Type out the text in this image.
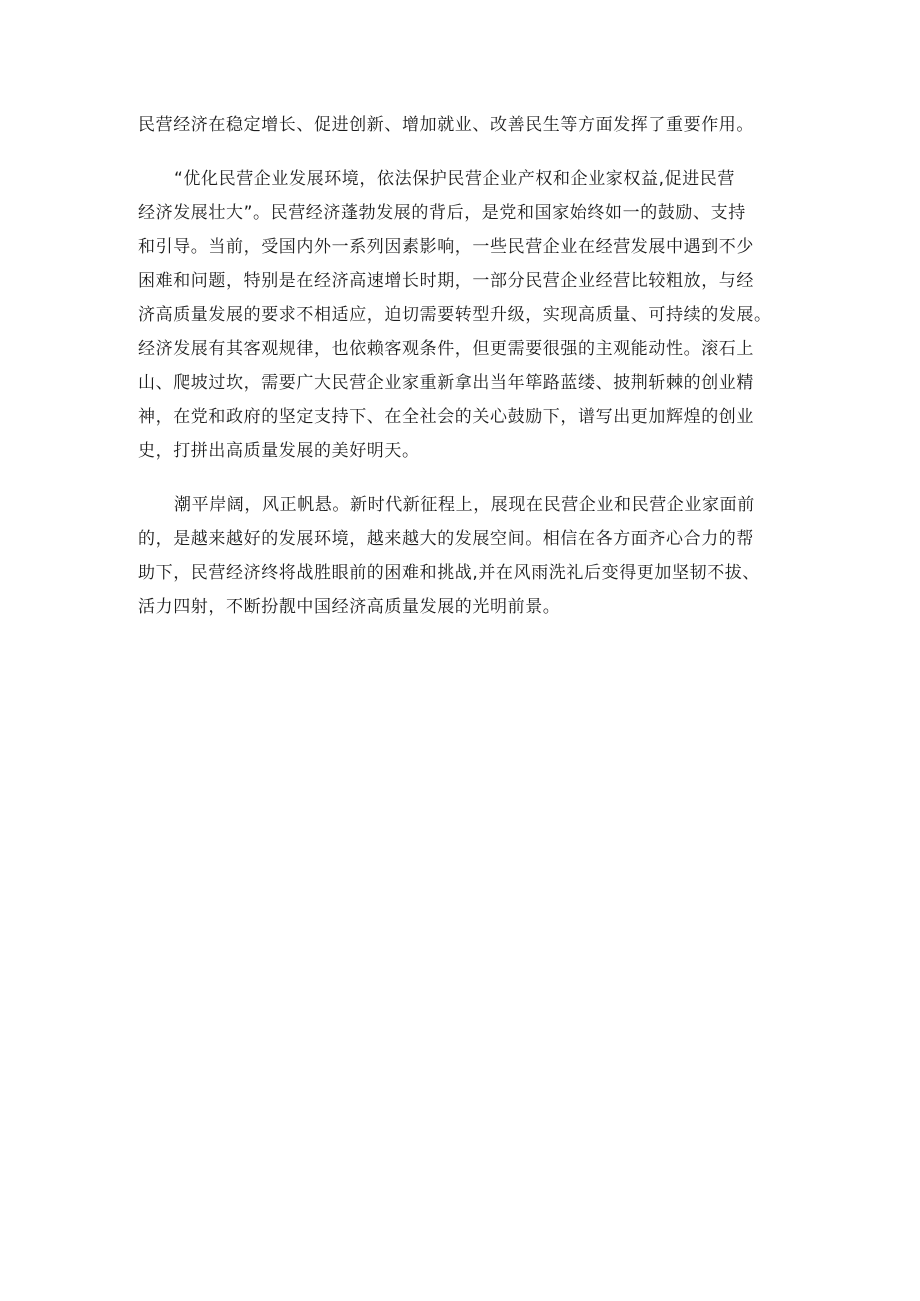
民营经济在稳定增长、促进创新、增加就业、改善民生等方面发挥了重要作用。
“优化民营企业发展环境，依法保护民营企业产权和企业家权益,促进民营
经济发展壮大”。民营经济蓬勃发展的背后，是党和国家始终如一的鼓励、支持
和引导。当前，受国内外一系列因素影响，一些民营企业在经营发展中遇到不少
困难和问题，特别是在经济高速增长时期，一部分民营企业经营比较粗放，与经
济高质量发展的要求不相适应，迫切需要转型升级，实现高质量、可持续的发展。
经济发展有其客观规律，也依赖客观条件，但更需要很强的主观能动性。滚石上
山、爬坡过坎，需要广大民营企业家重新拿出当年筚路蓝缕、披荆斩棘的创业精
神，在党和政府的坚定支持下、在全社会的关心鼓励下，谱写出更加辉煌的创业
史，打拼出高质量发展的美好明天。
潮平岸阔，风正帆悬。新时代新征程上，展现在民营企业和民营企业家面前
的，是越来越好的发展环境，越来越大的发展空间。相信在各方面齐心合力的帮
助下，民营经济终将战胜眼前的困难和挑战,并在风雨洗礼后变得更加坚韧不拔、
活力四射，不断扮靓中国经济高质量发展的光明前景。
